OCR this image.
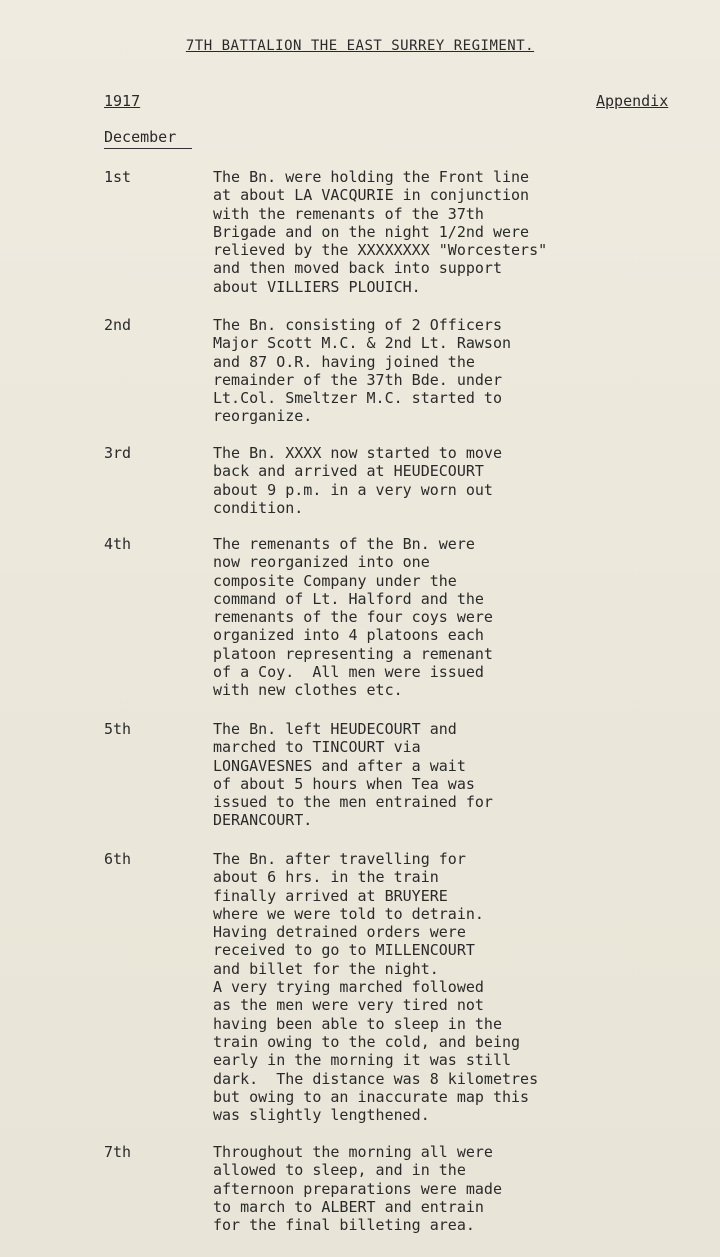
7TH BATTALION THE EAST SURREY REGIMENT.
1917	Appendix
December
1st	The Bn. were holding the Front line
at about LA VACQURIE in conjunction
with the remenants of the 37th
Brigade and on the night 1/2nd were
relieved by the XXXXXXXX "Worcesters"
and then moved back into support
about VILLIERS PLOUICH.
2nd	The Bn. consisting of 2 Officers
Major Scott M.C. & 2nd Lt. Rawson
and 87 O.R. having joined the
remainder of the 37th Bde. under
Lt.Col. Smeltzer M.C. started to
reorganize.
3rd	The Bn. XXXX now started to move
back and arrived at HEUDECOURT
about 9 p.m. in a very worn out
condition.
4th	The remenants of the Bn. were
now reorganized into one
composite Company under the
command of Lt. Halford and the
remenants of the four coys were
organized into 4 platoons each
platoon representing a remenant
of a Coy.  All men were issued
with new clothes etc.
5th	The Bn. left HEUDECOURT and
marched to TINCOURT via
LONGAVESNES and after a wait
of about 5 hours when Tea was
issued to the men entrained for
DERANCOURT.
6th	The Bn. after travelling for
about 6 hrs. in the train
finally arrived at BRUYERE
where we were told to detrain.
Having detrained orders were
received to go to MILLENCOURT
and billet for the night.
A very trying marched followed
as the men were very tired not
having been able to sleep in the
train owing to the cold, and being
early in the morning it was still
dark.  The distance was 8 kilometres
but owing to an inaccurate map this
was slightly lengthened.
7th	Throughout the morning all were
allowed to sleep, and in the
afternoon preparations were made
to march to ALBERT and entrain
for the final billeting area.
